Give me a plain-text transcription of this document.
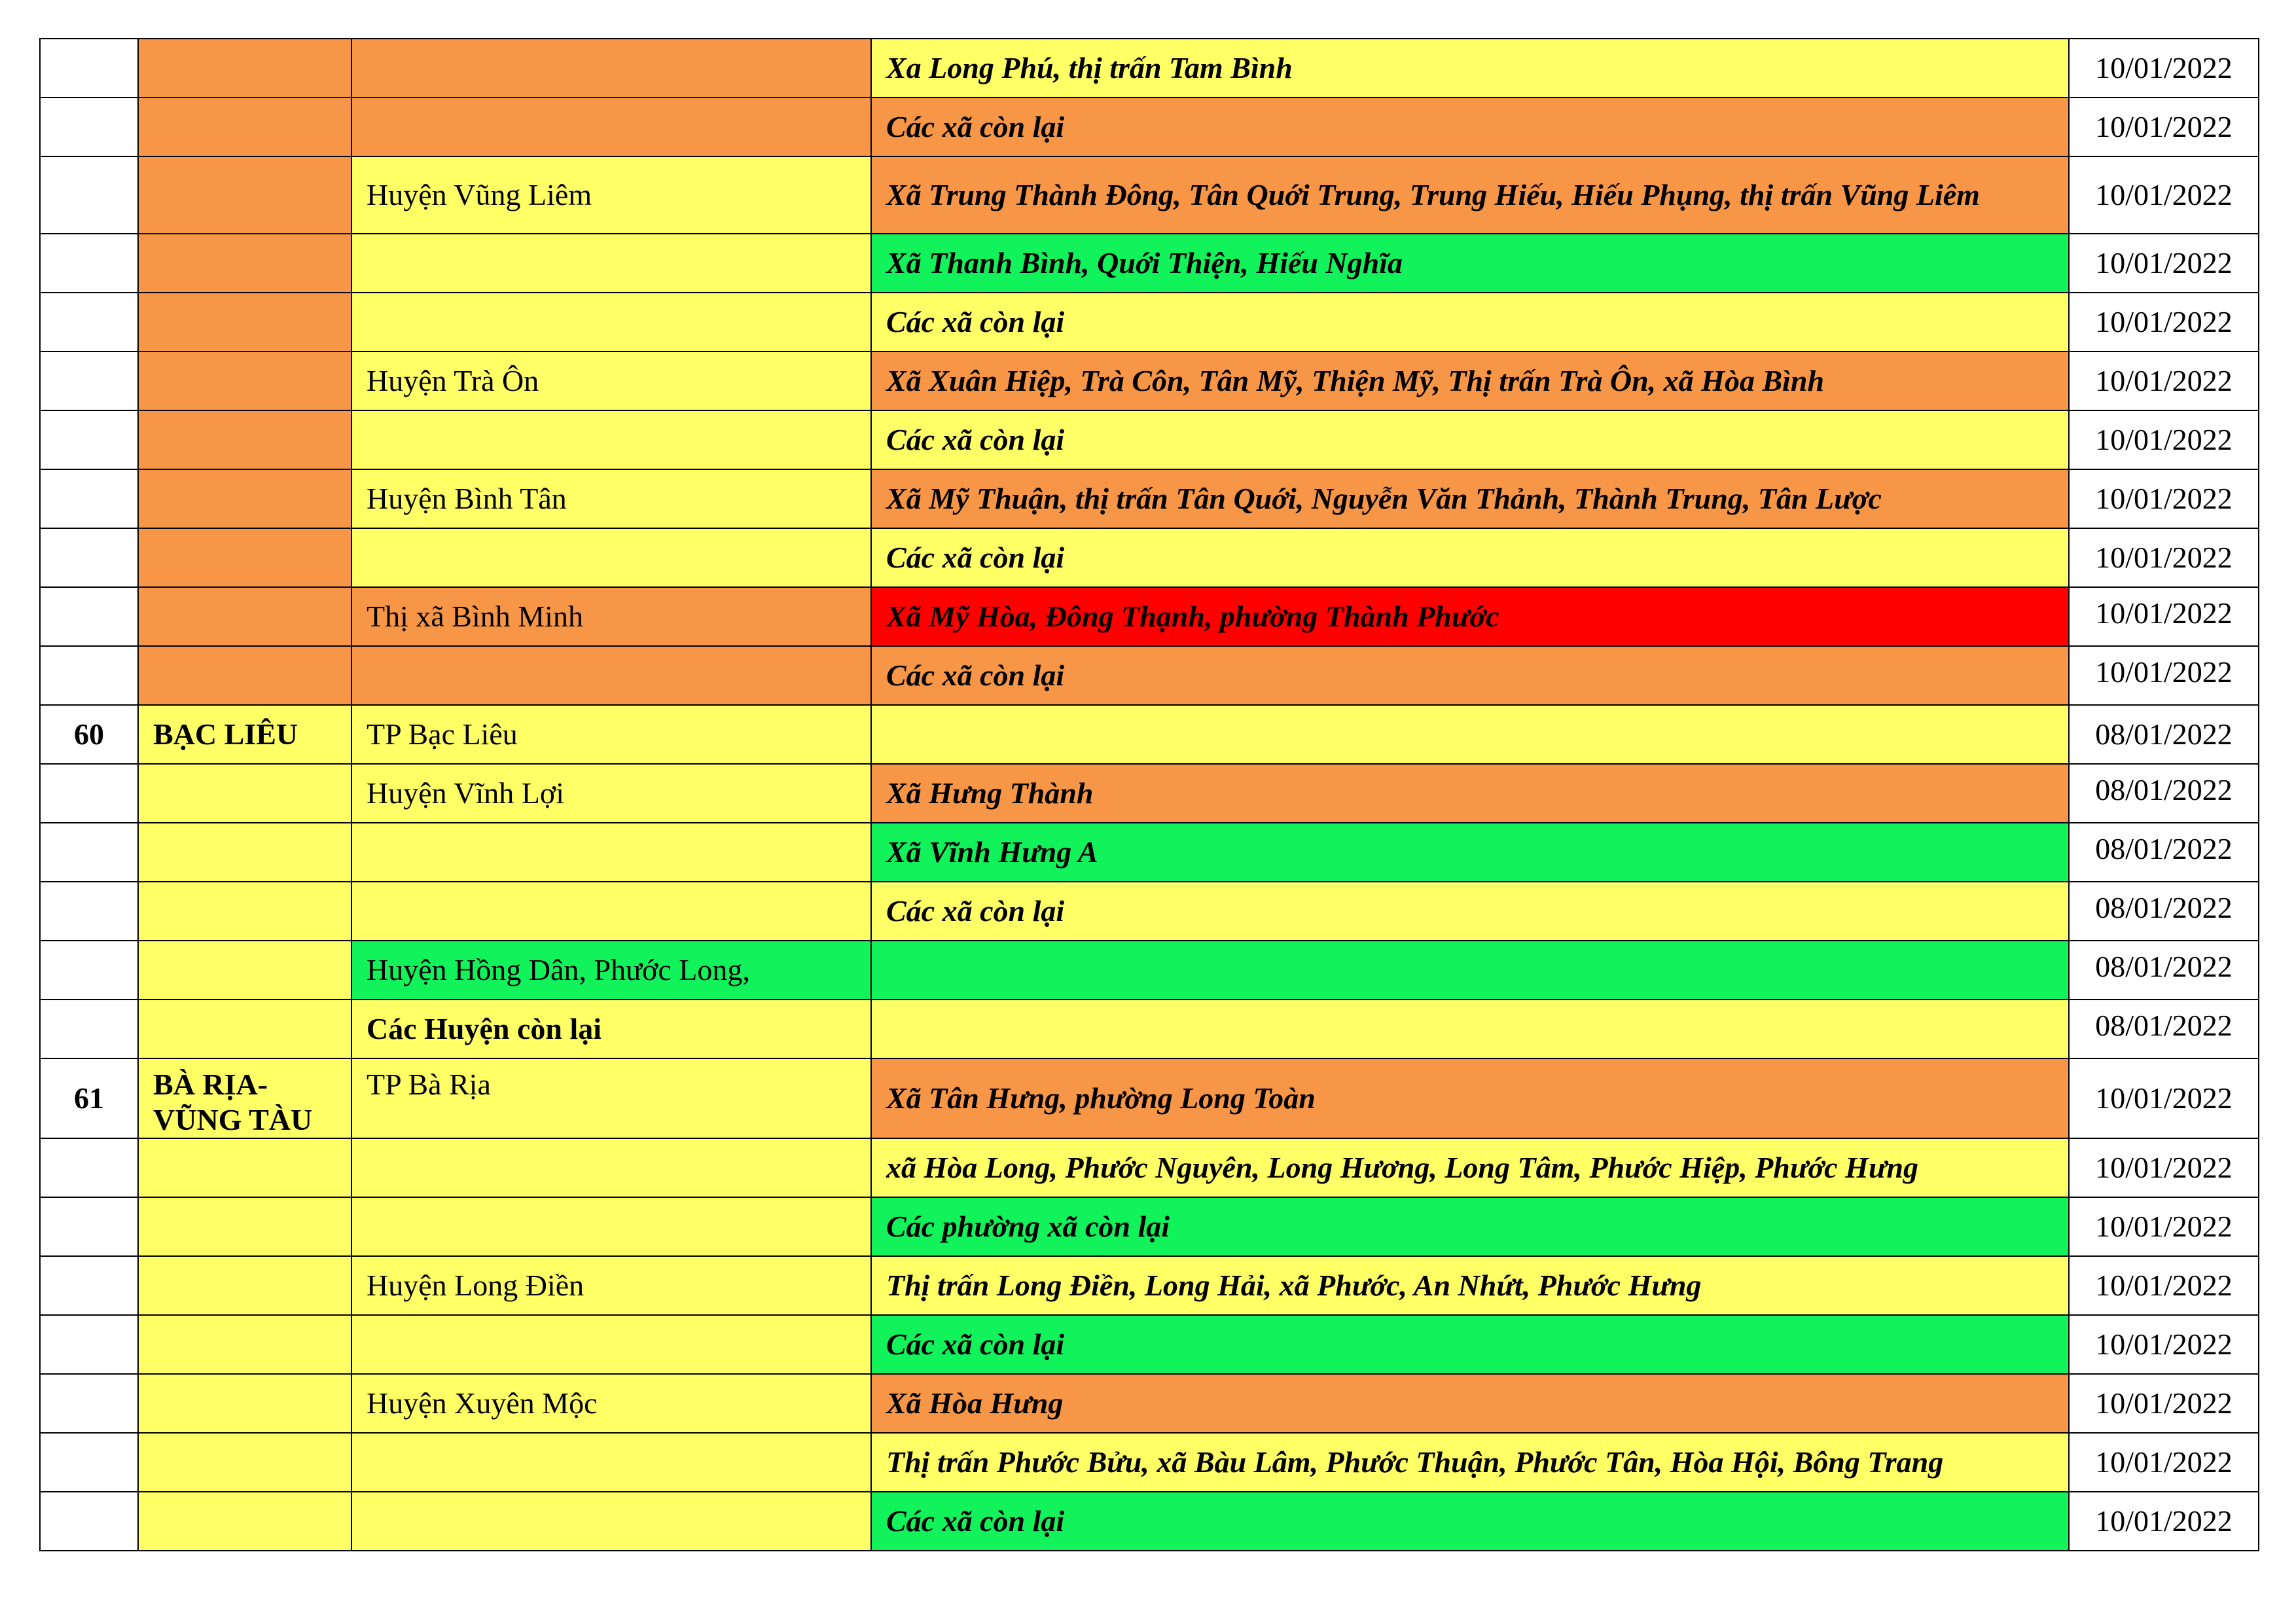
			Xa Long Phú, thị trấn Tam Bình	10/01/2022
			Các xã còn lại	10/01/2022
		Huyện Vũng Liêm	Xã Trung Thành Đông, Tân Quới Trung, Trung Hiếu, Hiếu Phụng, thị trấn Vũng Liêm	10/01/2022
			Xã Thanh Bình, Quới Thiện, Hiếu Nghĩa	10/01/2022
			Các xã còn lại	10/01/2022
		Huyện Trà Ôn	Xã Xuân Hiệp, Trà Côn, Tân Mỹ, Thiện Mỹ, Thị trấn Trà Ôn, xã Hòa Bình	10/01/2022
			Các xã còn lại	10/01/2022
		Huyện Bình Tân	Xã Mỹ Thuận, thị trấn Tân Quới, Nguyễn Văn Thảnh, Thành Trung, Tân Lược	10/01/2022
			Các xã còn lại	10/01/2022
		Thị xã Bình Minh	Xã Mỹ Hòa, Đông Thạnh, phường Thành Phước	10/01/2022
			Các xã còn lại	10/01/2022
60	BẠC LIÊU	TP Bạc Liêu		08/01/2022
		Huyện Vĩnh Lợi	Xã Hưng Thành	08/01/2022
			Xã Vĩnh Hưng A	08/01/2022
			Các xã còn lại	08/01/2022
		Huyện Hồng Dân, Phước Long,		08/01/2022
		Các Huyện còn lại		08/01/2022
61	BÀ RỊA-VŨNG TÀU	TP Bà Rịa	Xã Tân Hưng, phường Long Toàn	10/01/2022
			xã Hòa Long, Phước Nguyên, Long Hương, Long Tâm, Phước Hiệp, Phước Hưng	10/01/2022
			Các phường xã còn lại	10/01/2022
		Huyện Long Điền	Thị trấn Long Điền, Long Hải, xã Phước, An Nhứt, Phước Hưng	10/01/2022
			Các xã còn lại	10/01/2022
		Huyện Xuyên Mộc	Xã Hòa Hưng	10/01/2022
			Thị trấn Phước Bửu, xã Bàu Lâm, Phước Thuận, Phước Tân, Hòa Hội, Bông Trang	10/01/2022
			Các xã còn lại	10/01/2022
